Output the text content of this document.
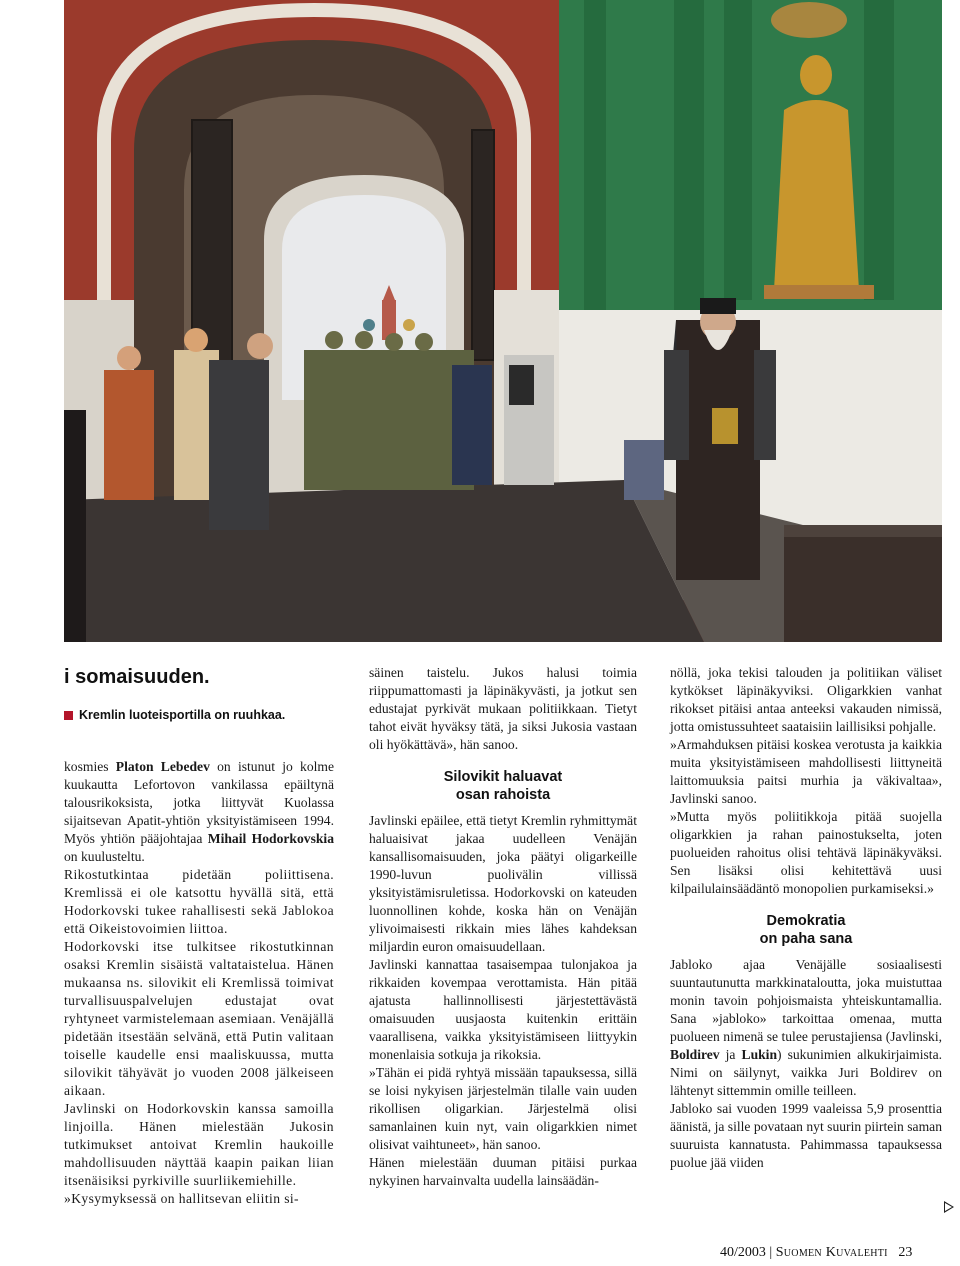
i somaisuuden.

Kremlin luoteisportilla on ruuhkaa.

kosmies Platon Lebedev on istunut jo kolme kuukautta Lefortovon vankilassa epäiltynä talousrikoksista, jotka liittyvät Kuolassa sijaitsevan Apatit-yhtiön yksityistämiseen 1994. Myös yhtiön pääjohtajaa Mihail Hodorkovskia on kuulusteltu.

Rikostutkintaa pidetään poliittisena. Kremlissä ei ole katsottu hyvällä sitä, että Hodorkovski tukee rahallisesti sekä Jablokoa että Oikeistovoimien liittoa.

Hodorkovski itse tulkitsee rikostutkinnan osaksi Kremlin sisäistä valtataistelua. Hänen mukaansa ns. silovikit eli Kremlissä toimivat turvallisuuspalvelujen edustajat ovat ryhtyneet varmistelemaan asemiaan. Venäjällä pidetään itsestään selvänä, että Putin valitaan toiselle kaudelle ensi maaliskuussa, mutta silovikit tähyävät jo vuoden 2008 jälkeiseen aikaan.

Javlinski on Hodorkovskin kanssa samoilla linjoilla. Hänen mielestään Jukosin tutkimukset antoivat Kremlin haukoille mahdollisuuden näyttää kaapin paikan liian itsenäisiksi pyrkiville suurliikemiehille.

»Kysymyksessä on hallitsevan eliitin si-

säinen taistelu. Jukos halusi toimia riippumattomasti ja läpinäkyvästi, ja jotkut sen edustajat pyrkivät mukaan politiikkaan. Tietyt tahot eivät hyväksy tätä, ja siksi Jukosia vastaan oli hyökättävä», hän sanoo.

Silovikit haluavat
osan rahoista

Javlinski epäilee, että tietyt Kremlin ryhmittymät haluaisivat jakaa uudelleen Venäjän kansallisomaisuuden, joka päätyi oligarkeille 1990-luvun puolivälin villissä yksityistämisruletissa. Hodorkovski on kateuden luonnollinen kohde, koska hän on Venäjän ylivoimaisesti rikkain mies lähes kahdeksan miljardin euron omaisuudellaan.

Javlinski kannattaa tasaisempaa tulonjakoa ja rikkaiden kovempaa verottamista. Hän pitää ajatusta hallinnollisesti järjestettävästä omaisuuden uusjaosta kuitenkin erittäin vaarallisena, vaikka yksityistämiseen liittyykin monenlaisia sotkuja ja rikoksia.

»Tähän ei pidä ryhtyä missään tapauksessa, sillä se loisi nykyisen järjestelmän tilalle vain uuden rikollisen oligarkian. Järjestelmä olisi samanlainen kuin nyt, vain oligarkkien nimet olisivat vaihtuneet», hän sanoo.

Hänen mielestään duuman pitäisi purkaa nykyinen harvainvalta uudella lainsäädän-

nöllä, joka tekisi talouden ja politiikan väliset kytkökset läpinäkyviksi. Oligarkkien vanhat rikokset pitäisi antaa anteeksi vakauden nimissä, jotta omistussuhteet saataisiin laillisiksi pohjalle.

»Armahduksen pitäisi koskea verotusta ja kaikkia muita yksityistämiseen mahdollisesti liittyneitä laittomuuksia paitsi murhia ja väkivaltaa», Javlinski sanoo.

»Mutta myös poliitikkoja pitää suojella oligarkkien ja rahan painostukselta, joten puolueiden rahoitus olisi tehtävä läpinäkyväksi. Sen lisäksi olisi kehitettävä uusi kilpailulainsäädäntö monopolien purkamiseksi.»

Demokratia
on paha sana

Jabloko ajaa Venäjälle sosiaalisesti suuntautunutta markkinataloutta, joka muistuttaa monin tavoin pohjoismaista yhteiskuntamallia. Sana »jabloko» tarkoittaa omenaa, mutta puolueen nimenä se tulee perustajiensa (Javlinski, Boldirev ja Lukin) sukunimien alkukirjaimista. Nimi on säilynyt, vaikka Juri Boldirev on lähtenyt sittemmin omille teilleen.

Jabloko sai vuoden 1999 vaaleissa 5,9 prosenttia äänistä, ja sille povataan nyt suurin piirtein saman suuruista kannatusta. Pahimmassa tapauksessa puolue jää viiden

40/2003 | Suomen Kuvalehti 23
